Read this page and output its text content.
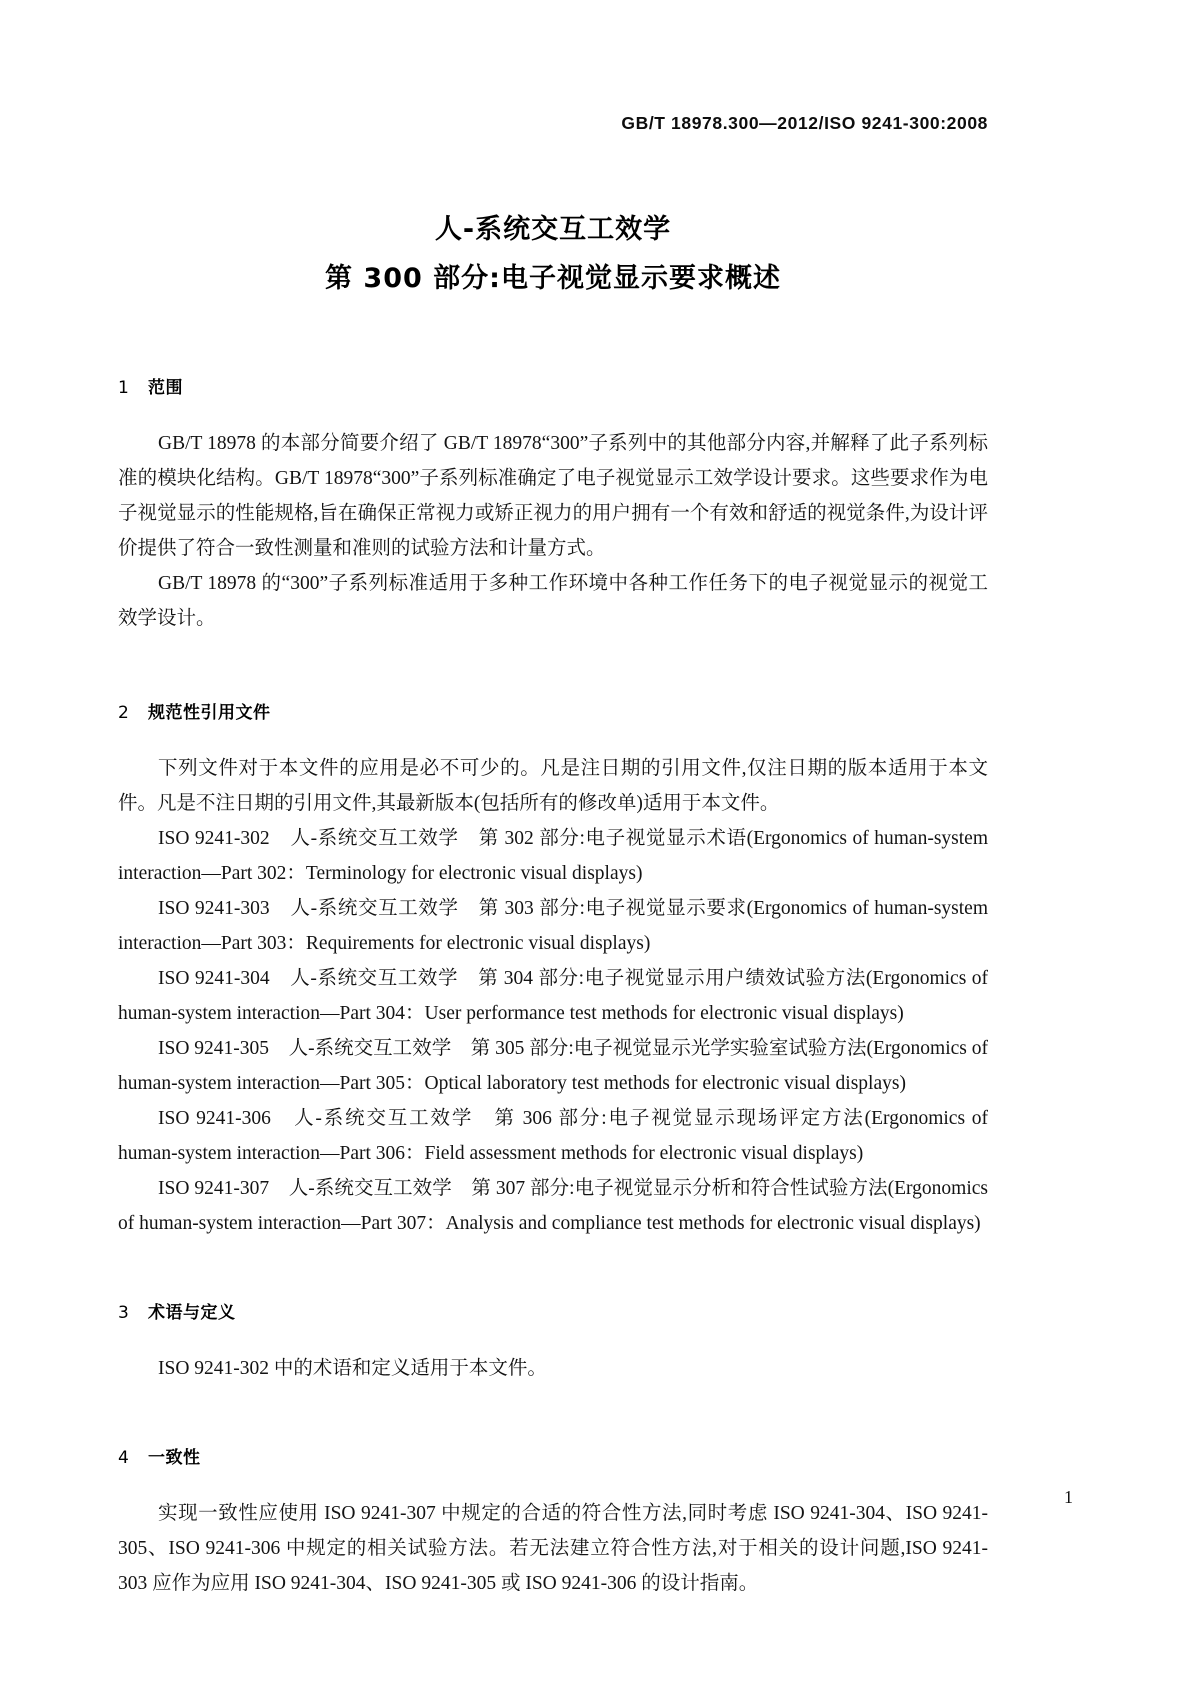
GB/T 18978.300—2012/ISO 9241-300:2008
人-系统交互工效学
第 300 部分:电子视觉显示要求概述
1 范围

GB/T 18978 的本部分简要介绍了 GB/T 18978“300”子系列中的其他部分内容,并解释了此子系列标准的模块化结构。GB/T 18978“300”子系列标准确定了电子视觉显示工效学设计要求。这些要求作为电子视觉显示的性能规格,旨在确保正常视力或矫正视力的用户拥有一个有效和舒适的视觉条件,为设计评价提供了符合一致性测量和准则的试验方法和计量方式。

GB/T 18978 的“300”子系列标准适用于多种工作环境中各种工作任务下的电子视觉显示的视觉工效学设计。

2 规范性引用文件

下列文件对于本文件的应用是必不可少的。凡是注日期的引用文件,仅注日期的版本适用于本文件。凡是不注日期的引用文件,其最新版本(包括所有的修改单)适用于本文件。

ISO 9241-302　人-系统交互工效学　第 302 部分:电子视觉显示术语(Ergonomics of human-system interaction—Part 302：Terminology for electronic visual displays)

ISO 9241-303　人-系统交互工效学　第 303 部分:电子视觉显示要求(Ergonomics of human-system interaction—Part 303：Requirements for electronic visual displays)

ISO 9241-304　人-系统交互工效学　第 304 部分:电子视觉显示用户绩效试验方法(Ergonomics of human-system interaction—Part 304：User performance test methods for electronic visual displays)

ISO 9241-305　人-系统交互工效学　第 305 部分:电子视觉显示光学实验室试验方法(Ergonomics of human-system interaction—Part 305：Optical laboratory test methods for electronic visual displays)

ISO 9241-306　人-系统交互工效学　第 306 部分:电子视觉显示现场评定方法(Ergonomics of human-system interaction—Part 306：Field assessment methods for electronic visual displays)

ISO 9241-307　人-系统交互工效学　第 307 部分:电子视觉显示分析和符合性试验方法(Ergonomics of human-system interaction—Part 307：Analysis and compliance test methods for electronic visual displays)

3 术语与定义

ISO 9241-302 中的术语和定义适用于本文件。

4 一致性

实现一致性应使用 ISO 9241-307 中规定的合适的符合性方法,同时考虑 ISO 9241-304、ISO 9241-305、ISO 9241-306 中规定的相关试验方法。若无法建立符合性方法,对于相关的设计问题,ISO 9241-303 应作为应用 ISO 9241-304、ISO 9241-305 或 ISO 9241-306 的设计指南。

1
